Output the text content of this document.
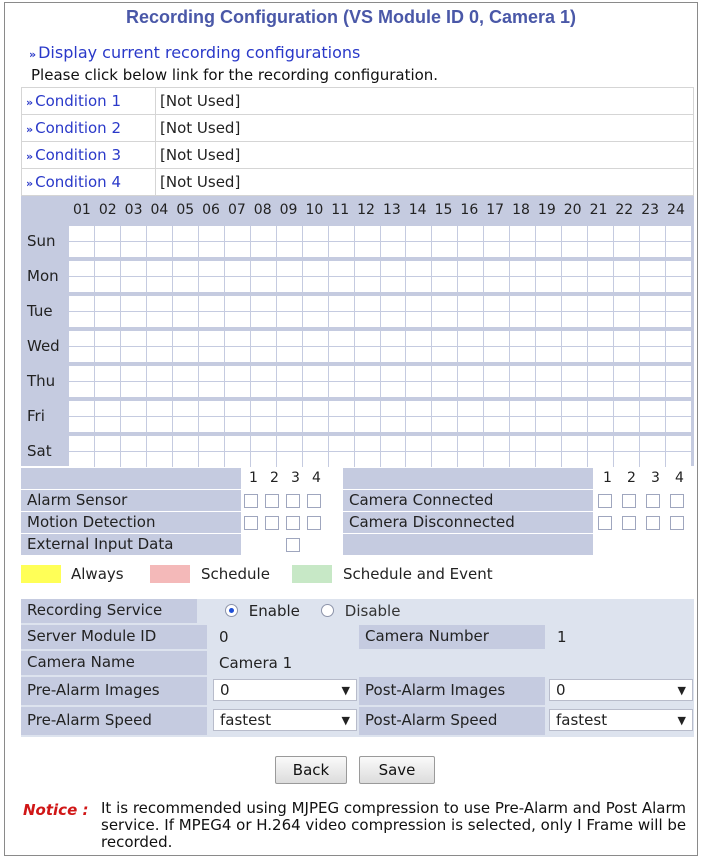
Recording Configuration (VS Module ID 0, Camera 1)
» Display current recording configurations
Please click below link for the recording configuration.
» Condition 1	[Not Used]
» Condition 2	[Not Used]
» Condition 3	[Not Used]
» Condition 4	[Not Used]
01 02 03 04 05 06 07 08 09 10 11 12 13 14 15 16 17 18 19 20 21 22 23 24
Sun
Mon
Tue
Wed
Thu
Fri
Sat
1 2 3 4	1 2 3 4
Alarm Sensor	Camera Connected
Motion Detection	Camera Disconnected
External Input Data
Always	Schedule	Schedule and Event
Recording Service	Enable	Disable
Server Module ID	0	Camera Number	1
Camera Name	Camera 1
Pre-Alarm Images	0	▼	Post-Alarm Images	0	▼
Pre-Alarm Speed	fastest	▼	Post-Alarm Speed	fastest	▼
Back	Save
Notice : It is recommended using MJPEG compression to use Pre-Alarm and Post Alarm service. If MPEG4 or H.264 video compression is selected, only I Frame will be recorded.
